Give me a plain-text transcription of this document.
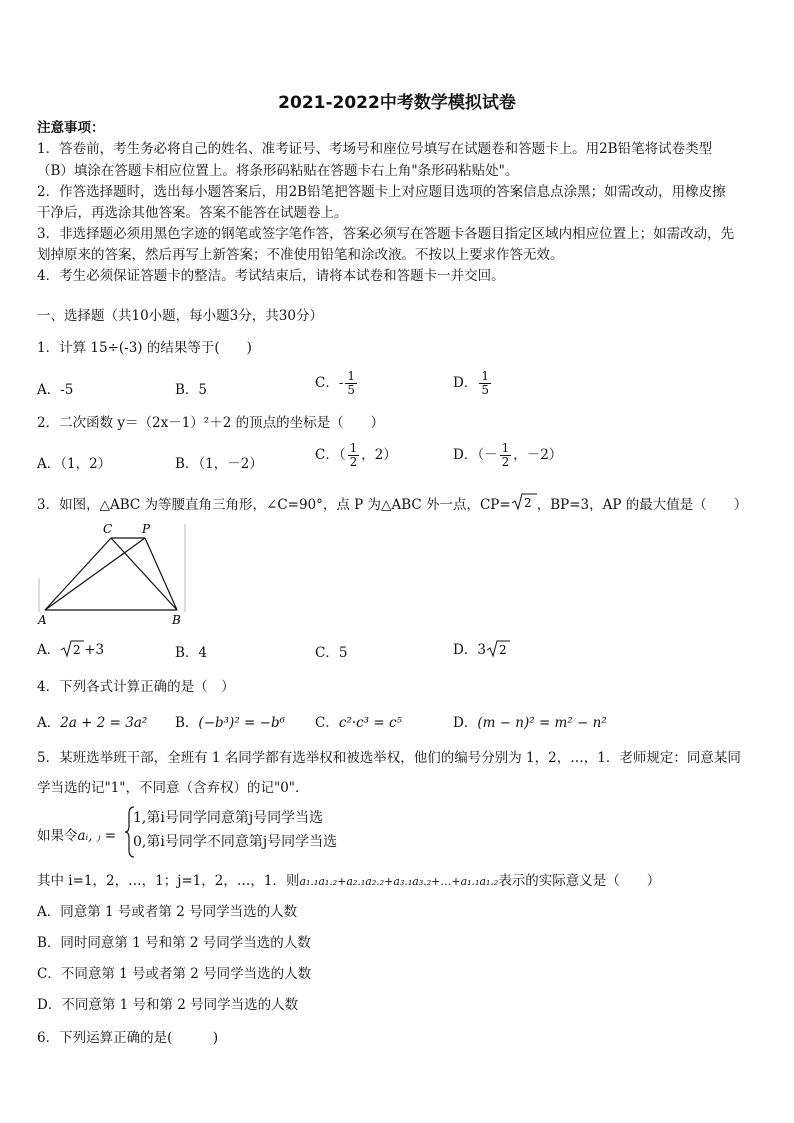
2021-2022中考数学模拟试卷
注意事项：
1．答卷前，考生务必将自己的姓名、准考证号、考场号和座位号填写在试题卷和答题卡上。用2B铅笔将试卷类型
（B）填涂在答题卡相应位置上。将条形码粘贴在答题卡右上角"条形码粘贴处"。
2．作答选择题时，选出每小题答案后，用2B铅笔把答题卡上对应题目选项的答案信息点涂黑；如需改动，用橡皮擦
干净后，再选涂其他答案。答案不能答在试题卷上。
3．非选择题必须用黑色字迹的钢笔或签字笔作答，答案必须写在答题卡各题目指定区域内相应位置上；如需改动，先
划掉原来的答案，然后再写上新答案；不准使用铅笔和涂改液。不按以上要求作答无效。
4．考生必须保证答题卡的整洁。考试结束后，请将本试卷和答题卡一并交回。
一、选择题（共10小题，每小题3分，共30分）
1．计算 15÷(-3) 的结果等于(　　)
A．-5	B．5	C．- $\frac{1}{5}$	D． $\frac{1}{5}$
2．二次函数 y＝（2x－1）²＋2 的顶点的坐标是（　　）
A．（1，2）	B．（1，－2）
C．（ $\frac{1}{2}$ ，2）	D．（－ $\frac{1}{2}$ ，－2）
3．如图，△ABC 为等腰直角三角形，∠C=90°，点 P 为△ABC 外一点，CP= 2 ，BP=3，AP 的最大值是（　　）
C P
A	B
A． 2 +3	B．4	C．5	D．3 2
4．下列各式计算正确的是（　）
A．2a + 2 = 3a² B．(−b³)² = −b⁶ C．c²·c³ = c⁵	D．(m − n)² = m² − n²
5．某班选举班干部，全班有 1 名同学都有选举权和被选举权，他们的编号分别为 1，2，…，1．老师规定：同意某同
学当选的记"1"，不同意（含弃权）的记"0"．
如果令aᵢ, ⱼ =
1,第i号同学同意第j号同学当选
0,第i号同学不同意第j号同学当选
其中 i=1，2，…，1；j=1，2，…，1．则a₁.₁a₁.₂+a₂.₁a₂.₂+a₃.₁a₃.₂+…+a₁.₁a₁.₂表示的实际意义是（　　）
A．同意第 1 号或者第 2 号同学当选的人数
B．同时同意第 1 号和第 2 号同学当选的人数
C．不同意第 1 号或者第 2 号同学当选的人数
D．不同意第 1 号和第 2 号同学当选的人数
6．下列运算正确的是(　　　)
